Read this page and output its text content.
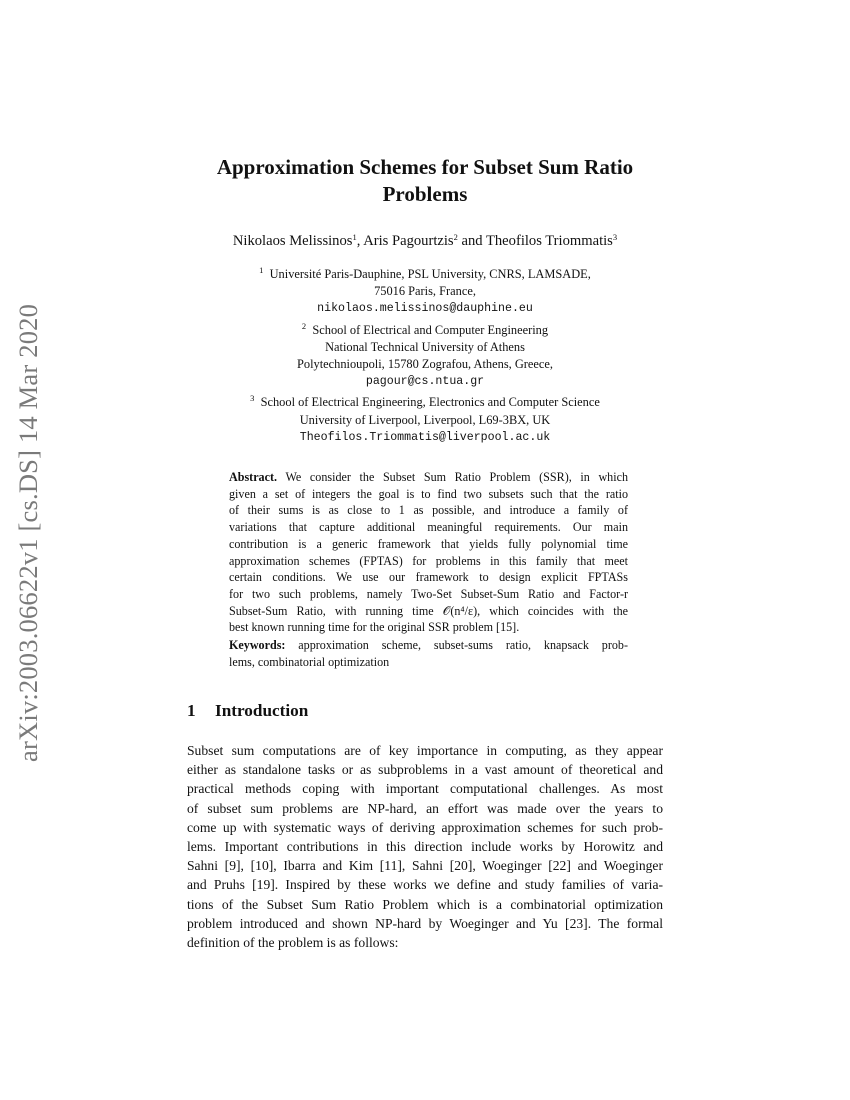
arXiv:2003.06622v1 [cs.DS] 14 Mar 2020
Approximation Schemes for Subset Sum Ratio
Problems
Nikolaos Melissinos$^1$, Aris Pagourtzis$^2$ and Theofilos Triommatis$^3$
$^1$ Université Paris-Dauphine, PSL University, CNRS, LAMSADE,
75016 Paris, France,
nikolaos.melissinos@dauphine.eu
$^2$ School of Electrical and Computer Engineering
National Technical University of Athens
Polytechnioupoli, 15780 Zografou, Athens, Greece,
pagour@cs.ntua.gr
$^3$ School of Electrical Engineering, Electronics and Computer Science
University of Liverpool, Liverpool, L69-3BX, UK
Theofilos.Triommatis@liverpool.ac.uk
Abstract. We consider the Subset Sum Ratio Problem (SSR), in which
given a set of integers the goal is to find two subsets such that the ratio
of their sums is as close to 1 as possible, and introduce a family of
variations that capture additional meaningful requirements. Our main
contribution is a generic framework that yields fully polynomial time
approximation schemes (FPTAS) for problems in this family that meet
certain conditions. We use our framework to design explicit FPTASs
for two such problems, namely Two-Set Subset-Sum Ratio and Factor-r
Subset-Sum Ratio, with running time 𝒪(n⁴/ε), which coincides with the
best known running time for the original SSR problem [15].
Keywords: approximation scheme, subset-sums ratio, knapsack prob-
lems, combinatorial optimization
1 Introduction
Subset sum computations are of key importance in computing, as they appear
either as standalone tasks or as subproblems in a vast amount of theoretical and
practical methods coping with important computational challenges. As most
of subset sum problems are NP-hard, an effort was made over the years to
come up with systematic ways of deriving approximation schemes for such prob-
lems. Important contributions in this direction include works by Horowitz and
Sahni [9], [10], Ibarra and Kim [11], Sahni [20], Woeginger [22] and Woeginger
and Pruhs [19]. Inspired by these works we define and study families of varia-
tions of the Subset Sum Ratio Problem which is a combinatorial optimization
problem introduced and shown NP-hard by Woeginger and Yu [23]. The formal
definition of the problem is as follows:
